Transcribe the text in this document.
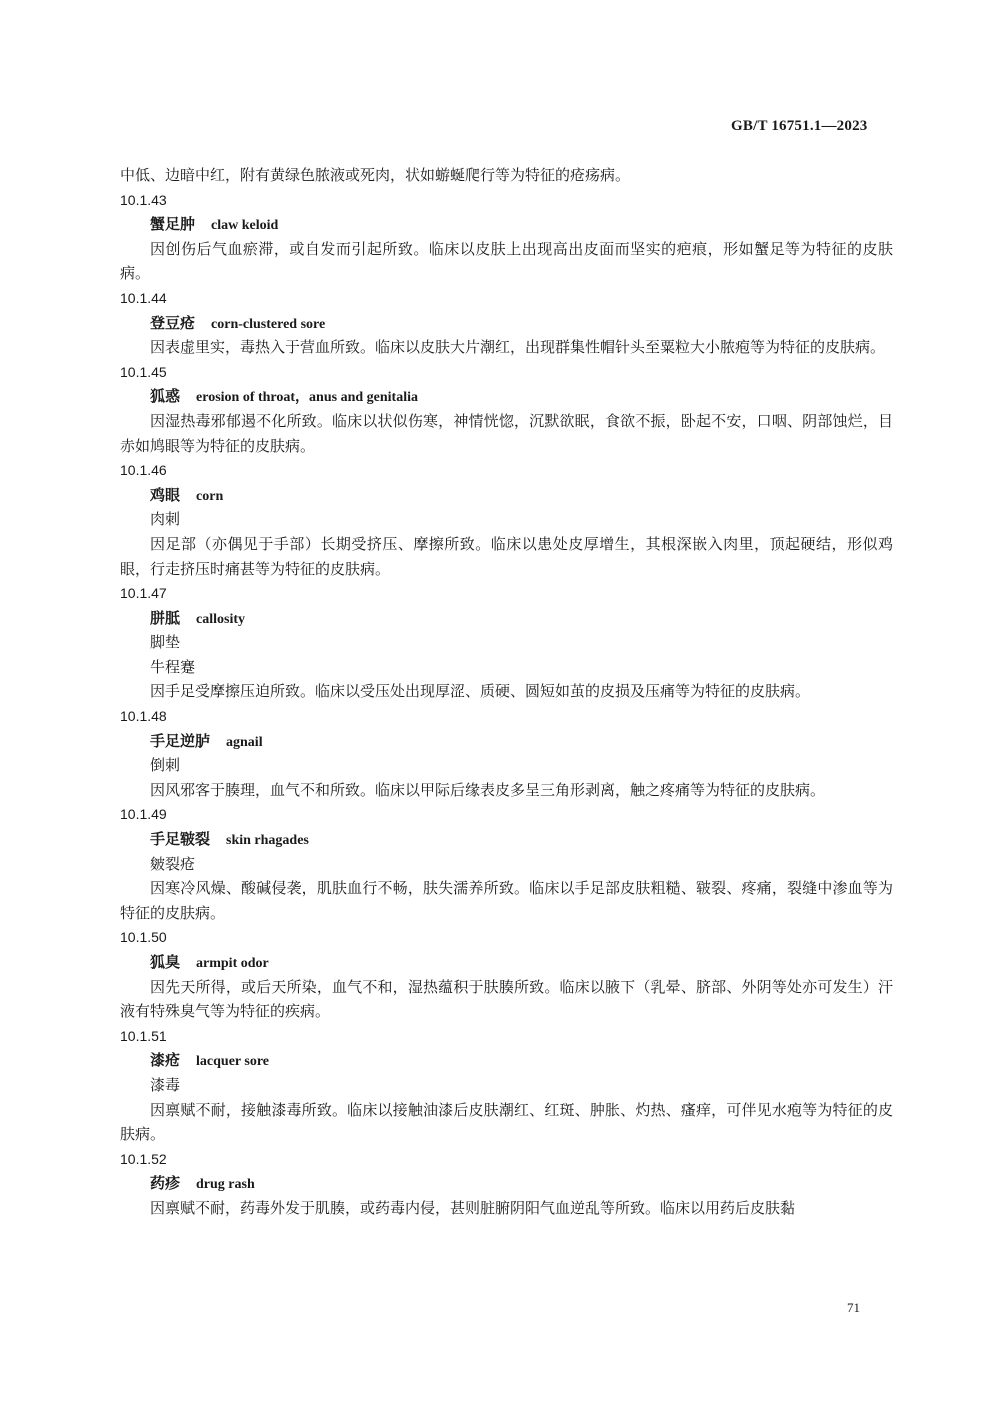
GB/T 16751.1—2023
中低、边暗中红，附有黄绿色脓液或死肉，状如蝣蜒爬行等为特征的疮疡病。
10.1.43
蟹足肿 claw keloid
因创伤后气血瘀滞，或自发而引起所致。临床以皮肤上出现高出皮面而坚实的疤痕，形如蟹足等为特征的皮肤病。
10.1.44
登豆疮 corn-clustered sore
因表虚里实，毒热入于营血所致。临床以皮肤大片潮红，出现群集性帽针头至粟粒大小脓疱等为特征的皮肤病。
10.1.45
狐惑 erosion of throat，anus and genitalia
因湿热毒邪郁遏不化所致。临床以状似伤寒，神情恍惚，沉默欲眠，食欲不振，卧起不安，口咽、阴部蚀烂，目赤如鸠眼等为特征的皮肤病。
10.1.46
鸡眼 corn
肉刺
因足部（亦偶见于手部）长期受挤压、摩擦所致。临床以患处皮厚增生，其根深嵌入肉里，顶起硬结，形似鸡眼，行走挤压时痛甚等为特征的皮肤病。
10.1.47
胼胝 callosity
脚垫
牛程蹇
因手足受摩擦压迫所致。临床以受压处出现厚涩、质硬、圆短如茧的皮损及压痛等为特征的皮肤病。
10.1.48
手足逆胪 agnail
倒刺
因风邪客于腠理，血气不和所致。临床以甲际后缘表皮多呈三角形剥离，触之疼痛等为特征的皮肤病。
10.1.49
手足皲裂 skin rhagades
皴裂疮
因寒冷风燥、酸碱侵袭，肌肤血行不畅，肤失濡养所致。临床以手足部皮肤粗糙、皲裂、疼痛，裂缝中渗血等为特征的皮肤病。
10.1.50
狐臭 armpit odor
因先天所得，或后天所染，血气不和，湿热蕴积于肤腠所致。临床以腋下（乳晕、脐部、外阴等处亦可发生）汗液有特殊臭气等为特征的疾病。
10.1.51
漆疮 lacquer sore
漆毒
因禀赋不耐，接触漆毒所致。临床以接触油漆后皮肤潮红、红斑、肿胀、灼热、瘙痒，可伴见水疱等为特征的皮肤病。
10.1.52
药疹 drug rash
因禀赋不耐，药毒外发于肌腠，或药毒内侵，甚则脏腑阴阳气血逆乱等所致。临床以用药后皮肤黏
71
